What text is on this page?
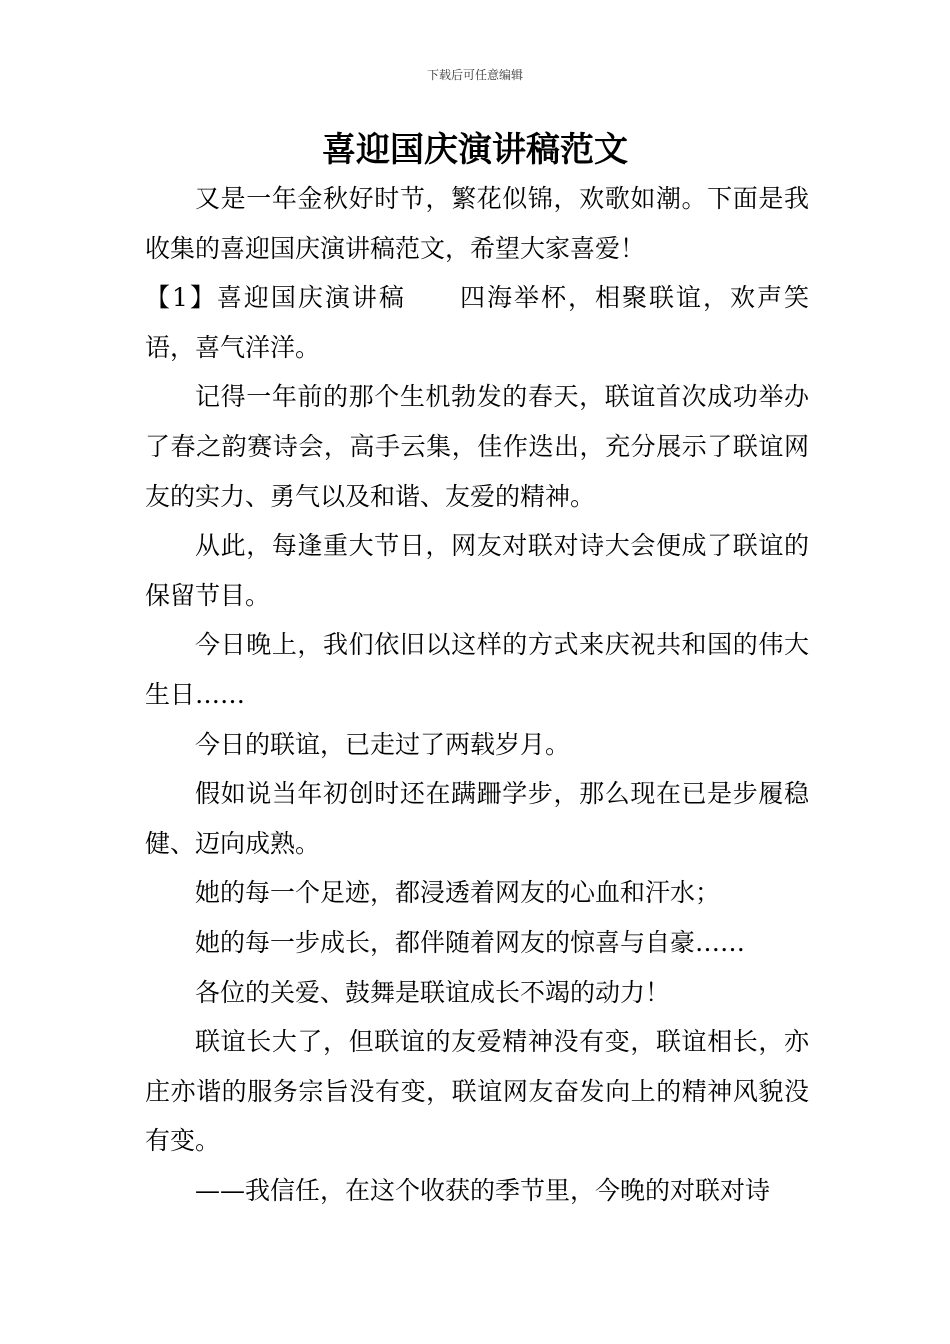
下载后可任意编辑
喜迎国庆演讲稿范文

又是一年金秋好时节，繁花似锦，欢歌如潮。下面是我收集的喜迎国庆演讲稿范文，希望大家喜爱！

【1】喜迎国庆演讲稿 四海举杯，相聚联谊，欢声笑语，喜气洋洋。

记得一年前的那个生机勃发的春天，联谊首次成功举办了春之韵赛诗会，高手云集，佳作迭出，充分展示了联谊网友的实力、勇气以及和谐、友爱的精神。

从此，每逢重大节日，网友对联对诗大会便成了联谊的保留节目。

今日晚上，我们依旧以这样的方式来庆祝共和国的伟大生日……

今日的联谊，已走过了两载岁月。

假如说当年初创时还在蹒跚学步，那么现在已是步履稳健、迈向成熟。

她的每一个足迹，都浸透着网友的心血和汗水；

她的每一步成长，都伴随着网友的惊喜与自豪……

各位的关爱、鼓舞是联谊成长不竭的动力！

联谊长大了，但联谊的友爱精神没有变，联谊相长，亦庄亦谐的服务宗旨没有变，联谊网友奋发向上的精神风貌没有变。

——我信任，在这个收获的季节里，今晚的对联对诗
